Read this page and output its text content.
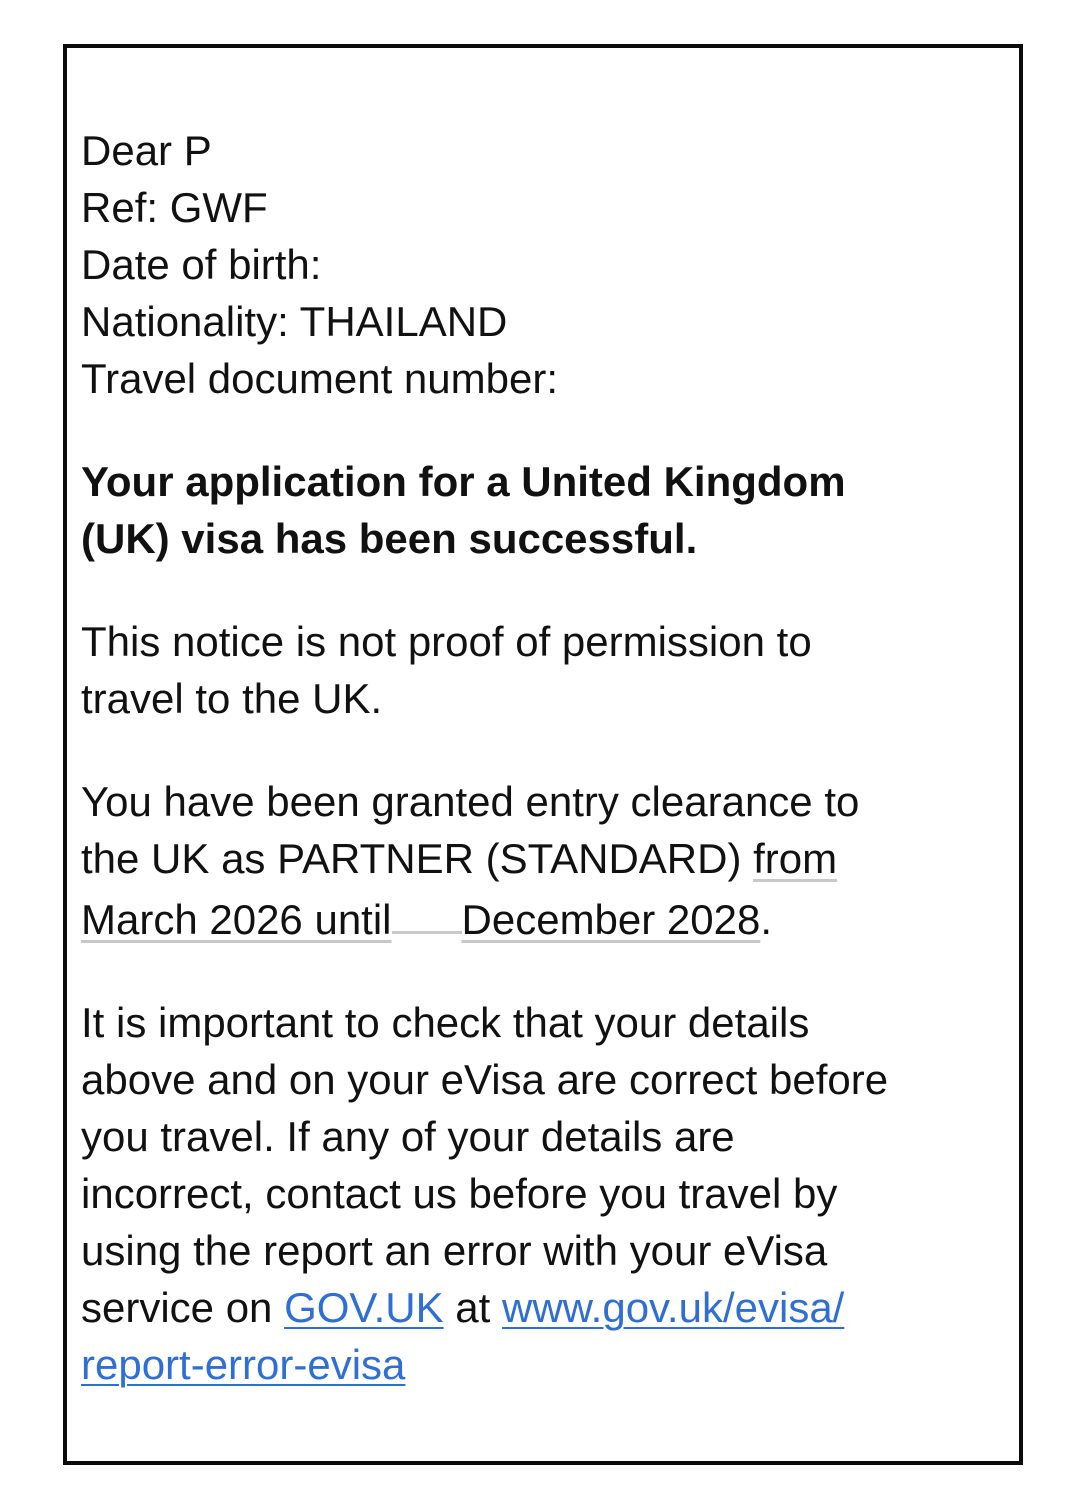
Dear P
Ref: GWF
Date of birth:
Nationality: THAILAND
Travel document number:
Your application for a United Kingdom
(UK) visa has been successful.
This notice is not proof of permission to
travel to the UK.
You have been granted entry clearance to
the UK as PARTNER (STANDARD) from
March 2026 until December 2028.
It is important to check that your details
above and on your eVisa are correct before
you travel. If any of your details are
incorrect, contact us before you travel by
using the report an error with your eVisa
service on GOV.UK at www.gov.uk/evisa/
report-error-evisa
